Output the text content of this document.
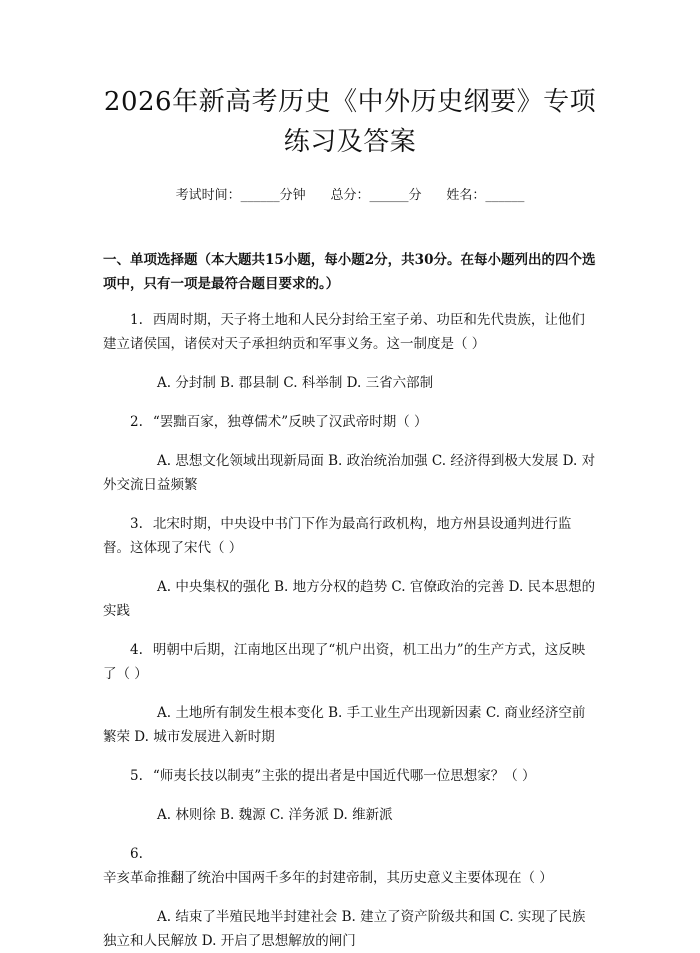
2026年新高考历史《中外历史纲要》专项练习及答案
考试时间：______分钟 总分：______分 姓名：______
一、单项选择题（本大题共15小题，每小题2分，共30分。在每小题列出的四个选项中，只有一项是最符合题目要求的。）
1. 西周时期，天子将土地和人民分封给王室子弟、功臣和先代贵族，让他们建立诸侯国，诸侯对天子承担纳贡和军事义务。这一制度是（ ）
A. 分封制 B. 郡县制 C. 科举制 D. 三省六部制
2. “罢黜百家，独尊儒术”反映了汉武帝时期（ ）
A. 思想文化领域出现新局面 B. 政治统治加强 C. 经济得到极大发展 D. 对外交流日益频繁
3. 北宋时期，中央设中书门下作为最高行政机构，地方州县设通判进行监督。这体现了宋代（ ）
A. 中央集权的强化 B. 地方分权的趋势 C. 官僚政治的完善 D. 民本思想的实践
4. 明朝中后期，江南地区出现了“机户出资，机工出力”的生产方式，这反映了（ ）
A. 土地所有制发生根本变化 B. 手工业生产出现新因素 C. 商业经济空前繁荣 D. 城市发展进入新时期
5. “师夷长技以制夷”主张的提出者是中国近代哪一位思想家？（ ）
A. 林则徐 B. 魏源 C. 洋务派 D. 维新派
6.辛亥革命推翻了统治中国两千多年的封建帝制，其历史意义主要体现在（ ）
A. 结束了半殖民地半封建社会 B. 建立了资产阶级共和国 C. 实现了民族独立和人民解放 D. 开启了思想解放的闸门
